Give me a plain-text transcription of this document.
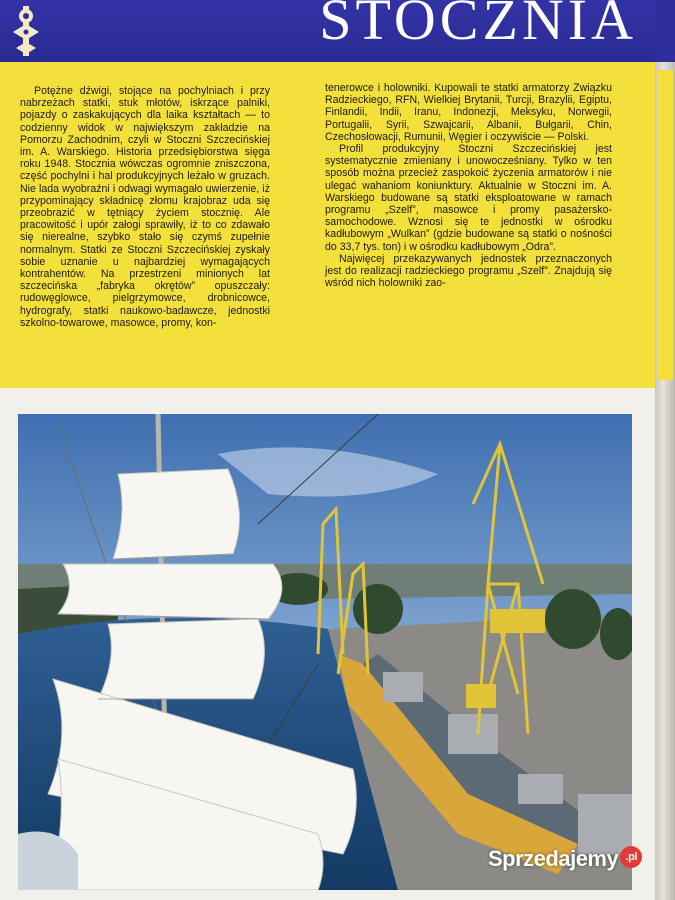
STOCZNIA

Potężne dźwigi, stojące na pochylniach i przy nabrzeżach statki, stuk młotów, iskrzące palniki, pojazdy o zaskakujących dla laika kształtach — to codzienny widok w największym zakładzie na Pomorzu Zachodnim, czyli w Stoczni Szczecińskiej im. A. Warskiego. Historia przedsiębiorstwa sięga roku 1948. Stocznia wówczas ogromnie zniszczona, część pochylni i hal produkcyjnych leżało w gruzach. Nie lada wyobraźni i odwagi wymagało uwierzenie, iż przypominający składnicę złomu krajobraz uda się przeobrazić w tętniący życiem stocznię. Ale pracowitość i upór załogi sprawiły, iż to co zdawało się nierealne, szybko stało się czymś zupełnie normalnym. Statki ze Stoczni Szczecińskiej zyskały sobie uznanie u najbardziej wymagających kontrahentów. Na przestrzeni minionych lat szczecińska „fabryka okrętów” opuszczały: rudowęglowce, pielgrzymowce, drobnicowce, hydrografy, statki naukowo-badawcze, jednostki szkolno-towarowe, masowce, promy, kon-

tenerowce i holowniki. Kupowali te statki armatorzy Związku Radzieckiego, RFN, Wielkiej Brytanii, Turcji, Brazylii, Egiptu, Finlandii, Indii, Iranu, Indonezji, Meksyku, Norwegii, Portugalii, Syrii, Szwajcarii, Albanii, Bułgarii, Chin, Czechosłowacji, Rumunii, Węgier i oczywiście — Polski.

Profil produkcyjny Stoczni Szczecińskiej jest systematycznie zmieniany i unowocześniany. Tylko w ten sposób można przecież zaspokoić życzenia armatorów i nie ulegać wahaniom koniunktury. Aktualnie w Stoczni im. A. Warskiego budowane są statki eksploatowane w ramach programu „Szelf”, masowce i promy pasażersko-samochodowe. Wznosi się te jednostki w ośrodku kadłubowym „Wulkan” (gdzie budowane są statki o nośności do 33,7 tys. ton) i w ośrodku kadłubowym „Odra”.

Najwięcej przekazywanych jednostek przeznaczonych jest do realizacji radzieckiego programu „Szelf”. Znajdują się wśród nich holowniki zao-

Sprzedajemy .pl
